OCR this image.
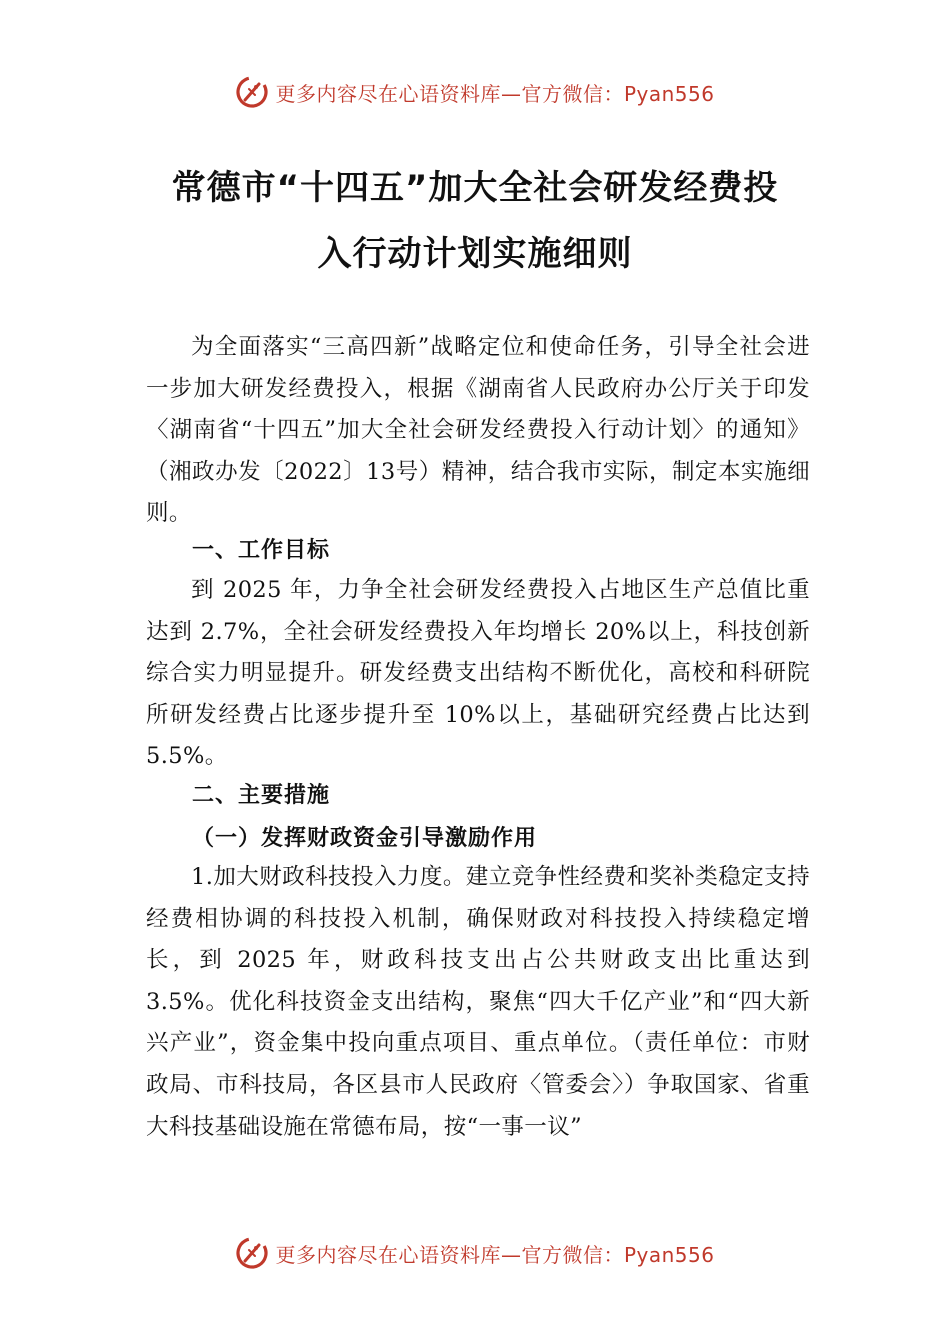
更多内容尽在心语资料库—官方微信：Pyan556
常德市“十四五”加大全社会研发经费投
入行动计划实施细则

为全面落实“三高四新”战略定位和使命任务，引导全社会进一步加大研发经费投入，根据《湖南省人民政府办公厅关于印发〈湖南省“十四五”加大全社会研发经费投入行动计划〉的通知》（湘政办发〔2022〕13号）精神，结合我市实际，制定本实施细则。

一、工作目标

到 2025 年，力争全社会研发经费投入占地区生产总值比重达到 2.7%，全社会研发经费投入年均增长 20%以上，科技创新综合实力明显提升。研发经费支出结构不断优化，高校和科研院所研发经费占比逐步提升至 10%以上，基础研究经费占比达到 5.5%。

二、主要措施
（一）发挥财政资金引导激励作用

1.加大财政科技投入力度。建立竞争性经费和奖补类稳定支持经费相协调的科技投入机制，确保财政对科技投入持续稳定增长，到 2025 年，财政科技支出占公共财政支出比重达到 3.5%。优化科技资金支出结构，聚焦“四大千亿产业”和“四大新兴产业”，资金集中投向重点项目、重点单位。（责任单位：市财政局、市科技局，各区县市人民政府〈管委会〉）争取国家、省重大科技基础设施在常德布局，按“一事一议”

更多内容尽在心语资料库—官方微信：Pyan556
